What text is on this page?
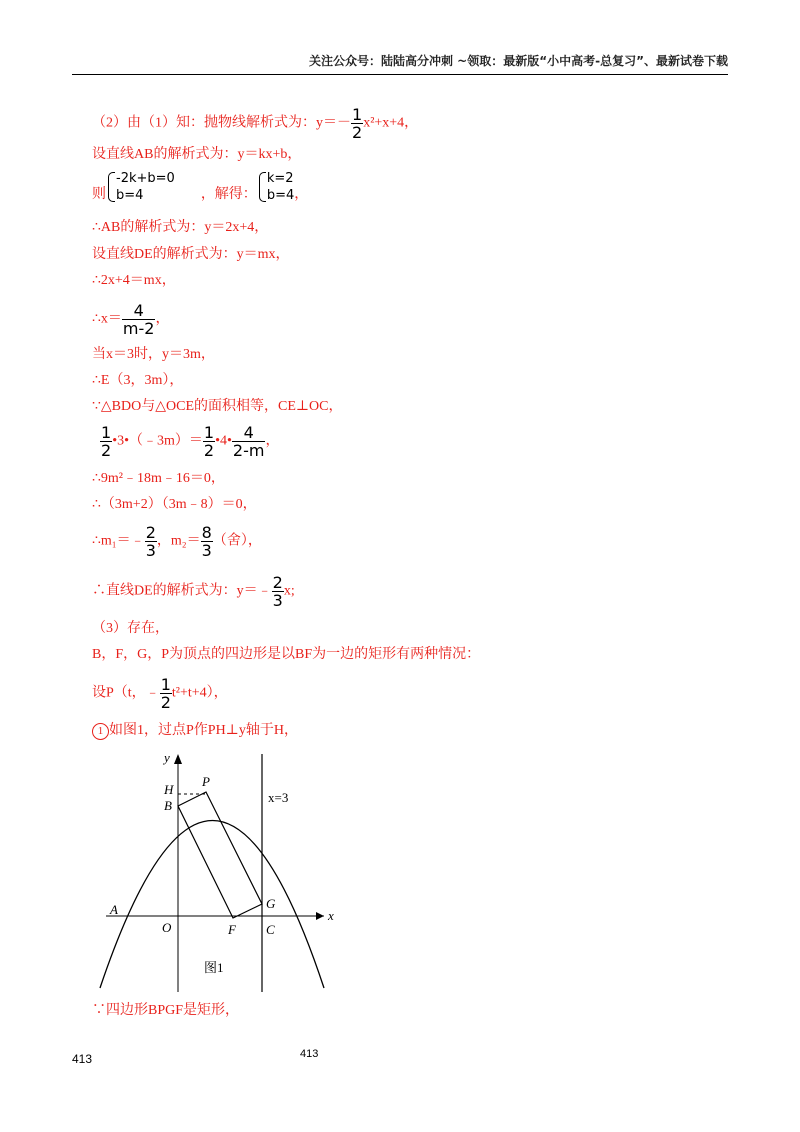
关注公众号：陆陆高分冲刺 ~领取：最新版“小中高考-总复习”、最新试卷下载
（2）由（1）知：抛物线解析式为：$y=- \frac{1}{2} x^2+x+4$，
设直线AB的解析式为：y＝kx+b，
则
-2k+b=0
b=4	，解得：
k=2
b=4 ，
∴AB的解析式为：y＝2x+4，
设直线DE的解析式为：y＝mx，
∴2x+4＝mx，
∴x＝ $\frac{4}{m-2}$ ，
当x＝3时，y＝3m，
∴E（3，3m），
∵△BDO与△OCE的面积相等，CE⊥OC，
$\frac{1}{2}$ •3•（﹣3m）＝ $\frac{1}{2}$ •4• $\frac{4}{2-m}$ ，
∴9m²﹣18m﹣16＝0，
∴（3m+2）（3m﹣8）＝0，
∴m₁＝﹣ $\frac{2}{3}$ ，$m_2= \frac{8}{3}$ （舍），
∴直线DE的解析式为：y＝﹣ $\frac{2}{3} x$;
（3）存在，
B，F，G，P为顶点的四边形是以BF为一边的矩形有两种情况：
设P（t，﹣ $\frac{1}{2} t^2+t+4$），
1 如图1，过点P作PH⊥y轴于H，
y
x
P
H
B
A
O	F C
G
x=3
图1
∵四边形BPGF是矩形，
413	413
